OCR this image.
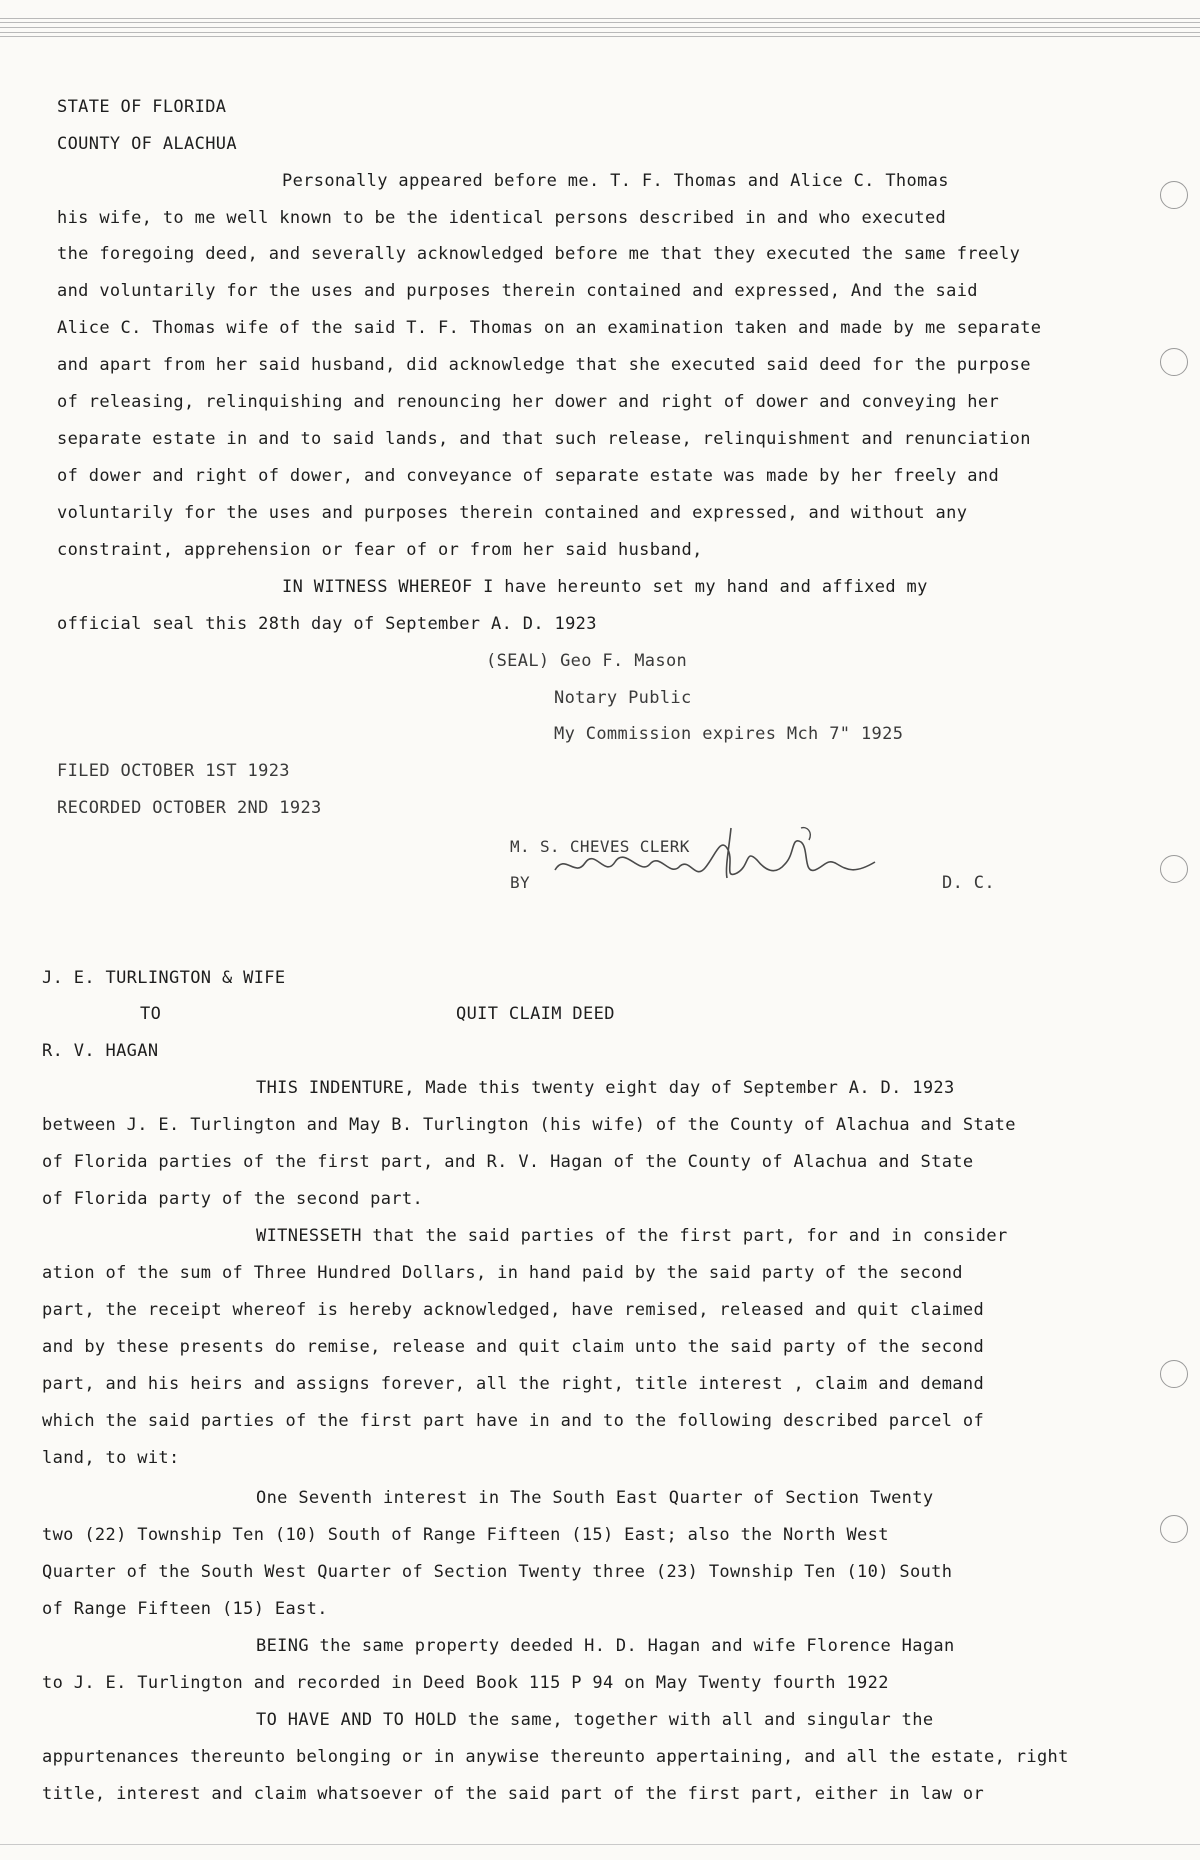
STATE OF FLORIDA
COUNTY OF ALACHUA
Personally appeared before me. T. F. Thomas and Alice C. Thomas
his wife, to me well known to be the identical persons described in and who executed
the foregoing deed, and severally acknowledged before me that they executed the same freely
and voluntarily for the uses and purposes therein contained and expressed, And the said
Alice C. Thomas wife of the said T. F. Thomas on an examination taken and made by me separate
and apart from her said husband, did acknowledge that she executed said deed for the purpose
of releasing, relinquishing and renouncing her dower and right of dower and conveying her
separate estate in and to said lands, and that such release, relinquishment and renunciation
of dower and right of dower, and conveyance of separate estate was made by her freely and
voluntarily for the uses and purposes therein contained and expressed, and without any
constraint, apprehension or fear of or from her said husband,
IN WITNESS WHEREOF I have hereunto set my hand and affixed my
official seal this 28th day of September A. D. 1923
(SEAL) Geo F. Mason
Notary Public
My Commission expires Mch 7" 1925
FILED OCTOBER 1ST 1923
RECORDED OCTOBER 2ND 1923
M. S. CHEVES CLERK
BY	D. C.
J. E. TURLINGTON & WIFE
TO	QUIT CLAIM DEED
R. V. HAGAN
THIS INDENTURE, Made this twenty eight day of September A. D. 1923
between J. E. Turlington and May B. Turlington (his wife) of the County of Alachua and State
of Florida parties of the first part, and R. V. Hagan of the County of Alachua and State
of Florida party of the second part.
WITNESSETH that the said parties of the first part, for and in consider
ation of the sum of Three Hundred Dollars, in hand paid by the said party of the second
part, the receipt whereof is hereby acknowledged, have remised, released and quit claimed
and by these presents do remise, release and quit claim unto the said party of the second
part, and his heirs and assigns forever, all the right, title interest , claim and demand
which the said parties of the first part have in and to the following described parcel of
land, to wit:
One Seventh interest in The South East Quarter of Section Twenty
two (22) Township Ten (10) South of Range Fifteen (15) East; also the North West
Quarter of the South West Quarter of Section Twenty three (23) Township Ten (10) South
of Range Fifteen (15) East.
BEING the same property deeded H. D. Hagan and wife Florence Hagan
to J. E. Turlington and recorded in Deed Book 115 P 94 on May Twenty fourth 1922
TO HAVE AND TO HOLD the same, together with all and singular the
appurtenances thereunto belonging or in anywise thereunto appertaining, and all the estate, right
title, interest and claim whatsoever of the said part of the first part, either in law or
